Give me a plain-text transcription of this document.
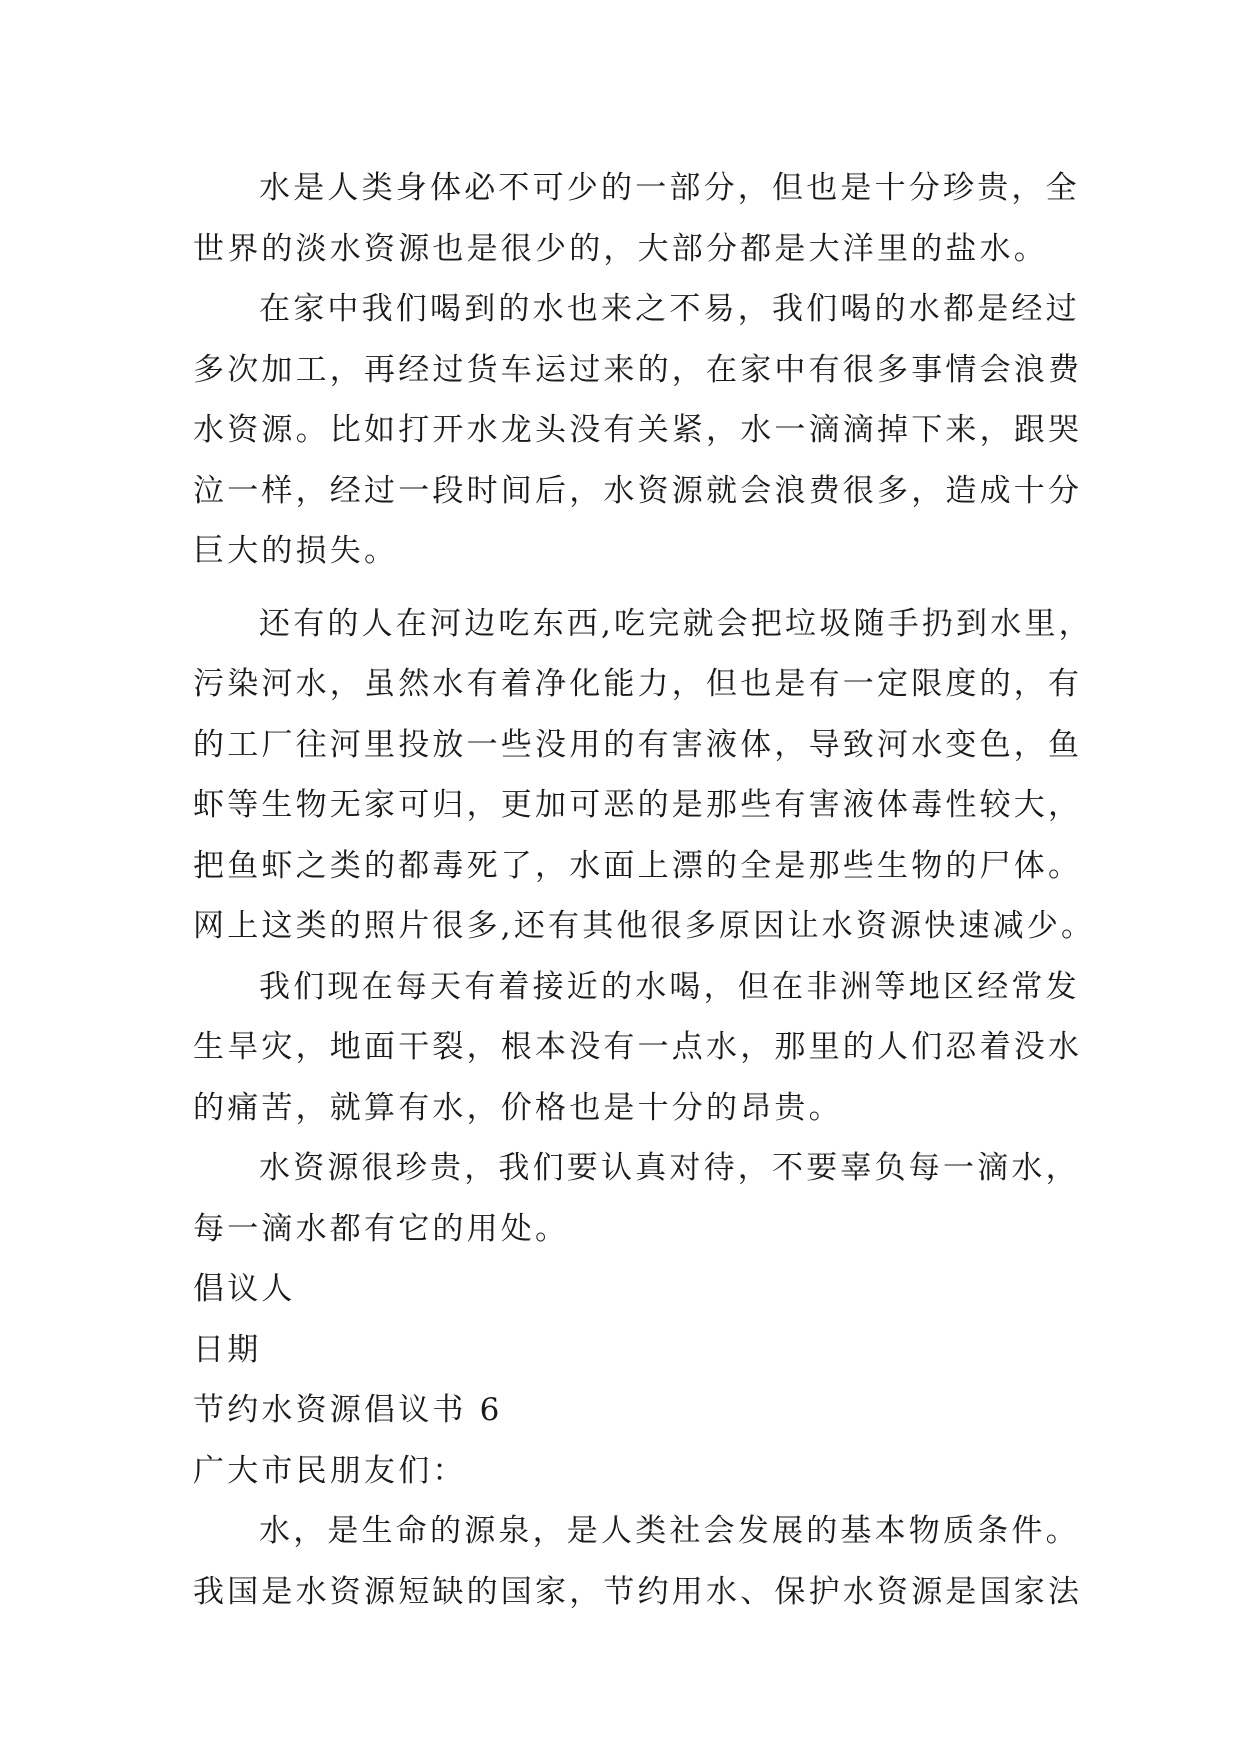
水是人类身体必不可少的一部分，但也是十分珍贵，全
世界的淡水资源也是很少的，大部分都是大洋里的盐水。
在家中我们喝到的水也来之不易，我们喝的水都是经过
多次加工，再经过货车运过来的，在家中有很多事情会浪费
水资源。比如打开水龙头没有关紧，水一滴滴掉下来，跟哭
泣一样，经过一段时间后，水资源就会浪费很多，造成十分
巨大的损失。
还有的人在河边吃东西,吃完就会把垃圾随手扔到水里，
污染河水，虽然水有着净化能力，但也是有一定限度的，有
的工厂往河里投放一些没用的有害液体，导致河水变色，鱼
虾等生物无家可归，更加可恶的是那些有害液体毒性较大，
把鱼虾之类的都毒死了，水面上漂的全是那些生物的尸体。
网上这类的照片很多,还有其他很多原因让水资源快速减少。
我们现在每天有着接近的水喝，但在非洲等地区经常发
生旱灾，地面干裂，根本没有一点水，那里的人们忍着没水
的痛苦，就算有水，价格也是十分的昂贵。
水资源很珍贵，我们要认真对待，不要辜负每一滴水，
每一滴水都有它的用处。
倡议人
日期
节约水资源倡议书 6
广大市民朋友们：
水，是生命的源泉，是人类社会发展的基本物质条件。
我国是水资源短缺的国家，节约用水、保护水资源是国家法
